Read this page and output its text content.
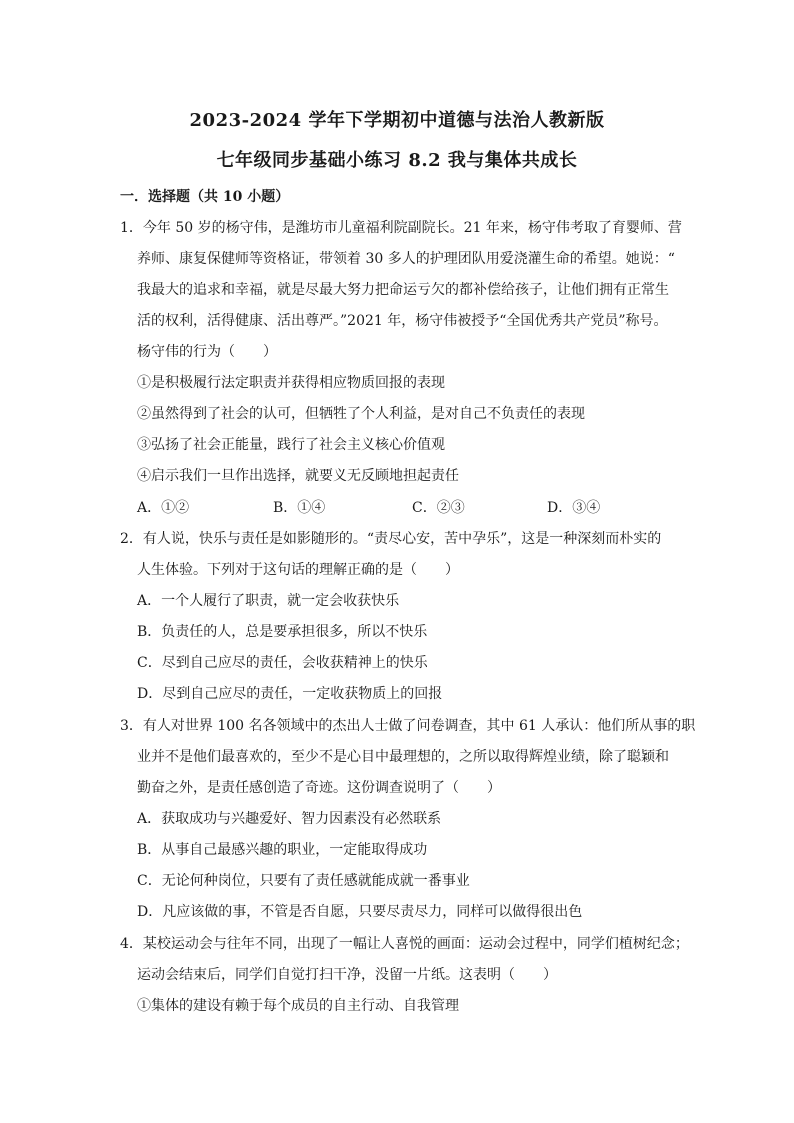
2023-2024 学年下学期初中道德与法治人教新版
七年级同步基础小练习 8.2 我与集体共成长
一．选择题（共 10 小题）
1．今年 50 岁的杨守伟，是潍坊市儿童福利院副院长。21 年来，杨守伟考取了育婴师、营
养师、康复保健师等资格证，带领着 30 多人的护理团队用爱浇灌生命的希望。她说：“
我最大的追求和幸福，就是尽最大努力把命运亏欠的都补偿给孩子，让他们拥有正常生
活的权利，活得健康、活出尊严。”2021 年，杨守伟被授予“全国优秀共产党员”称号。
杨守伟的行为（　　）
①是积极履行法定职责并获得相应物质回报的表现
②虽然得到了社会的认可，但牺牲了个人利益，是对自己不负责任的表现
③弘扬了社会正能量，践行了社会主义核心价值观
④启示我们一旦作出选择，就要义无反顾地担起责任
A．①②	B．①④	C．②③	D．③④
2．有人说，快乐与责任是如影随形的。“责尽心安，苦中孕乐”，这是一种深刻而朴实的
人生体验。下列对于这句话的理解正确的是（　　）
A．一个人履行了职责，就一定会收获快乐
B．负责任的人，总是要承担很多，所以不快乐
C．尽到自己应尽的责任，会收获精神上的快乐
D．尽到自己应尽的责任，一定收获物质上的回报
3．有人对世界 100 名各领域中的杰出人士做了问卷调查，其中 61 人承认：他们所从事的职
业并不是他们最喜欢的，至少不是心目中最理想的，之所以取得辉煌业绩，除了聪颖和
勤奋之外，是责任感创造了奇迹。这份调查说明了（　　）
A．获取成功与兴趣爱好、智力因素没有必然联系
B．从事自己最感兴趣的职业，一定能取得成功
C．无论何种岗位，只要有了责任感就能成就一番事业
D．凡应该做的事，不管是否自愿，只要尽责尽力，同样可以做得很出色
4．某校运动会与往年不同，出现了一幅让人喜悦的画面：运动会过程中，同学们植树纪念；
运动会结束后，同学们自觉打扫干净，没留一片纸。这表明（　　）
①集体的建设有赖于每个成员的自主行动、自我管理
